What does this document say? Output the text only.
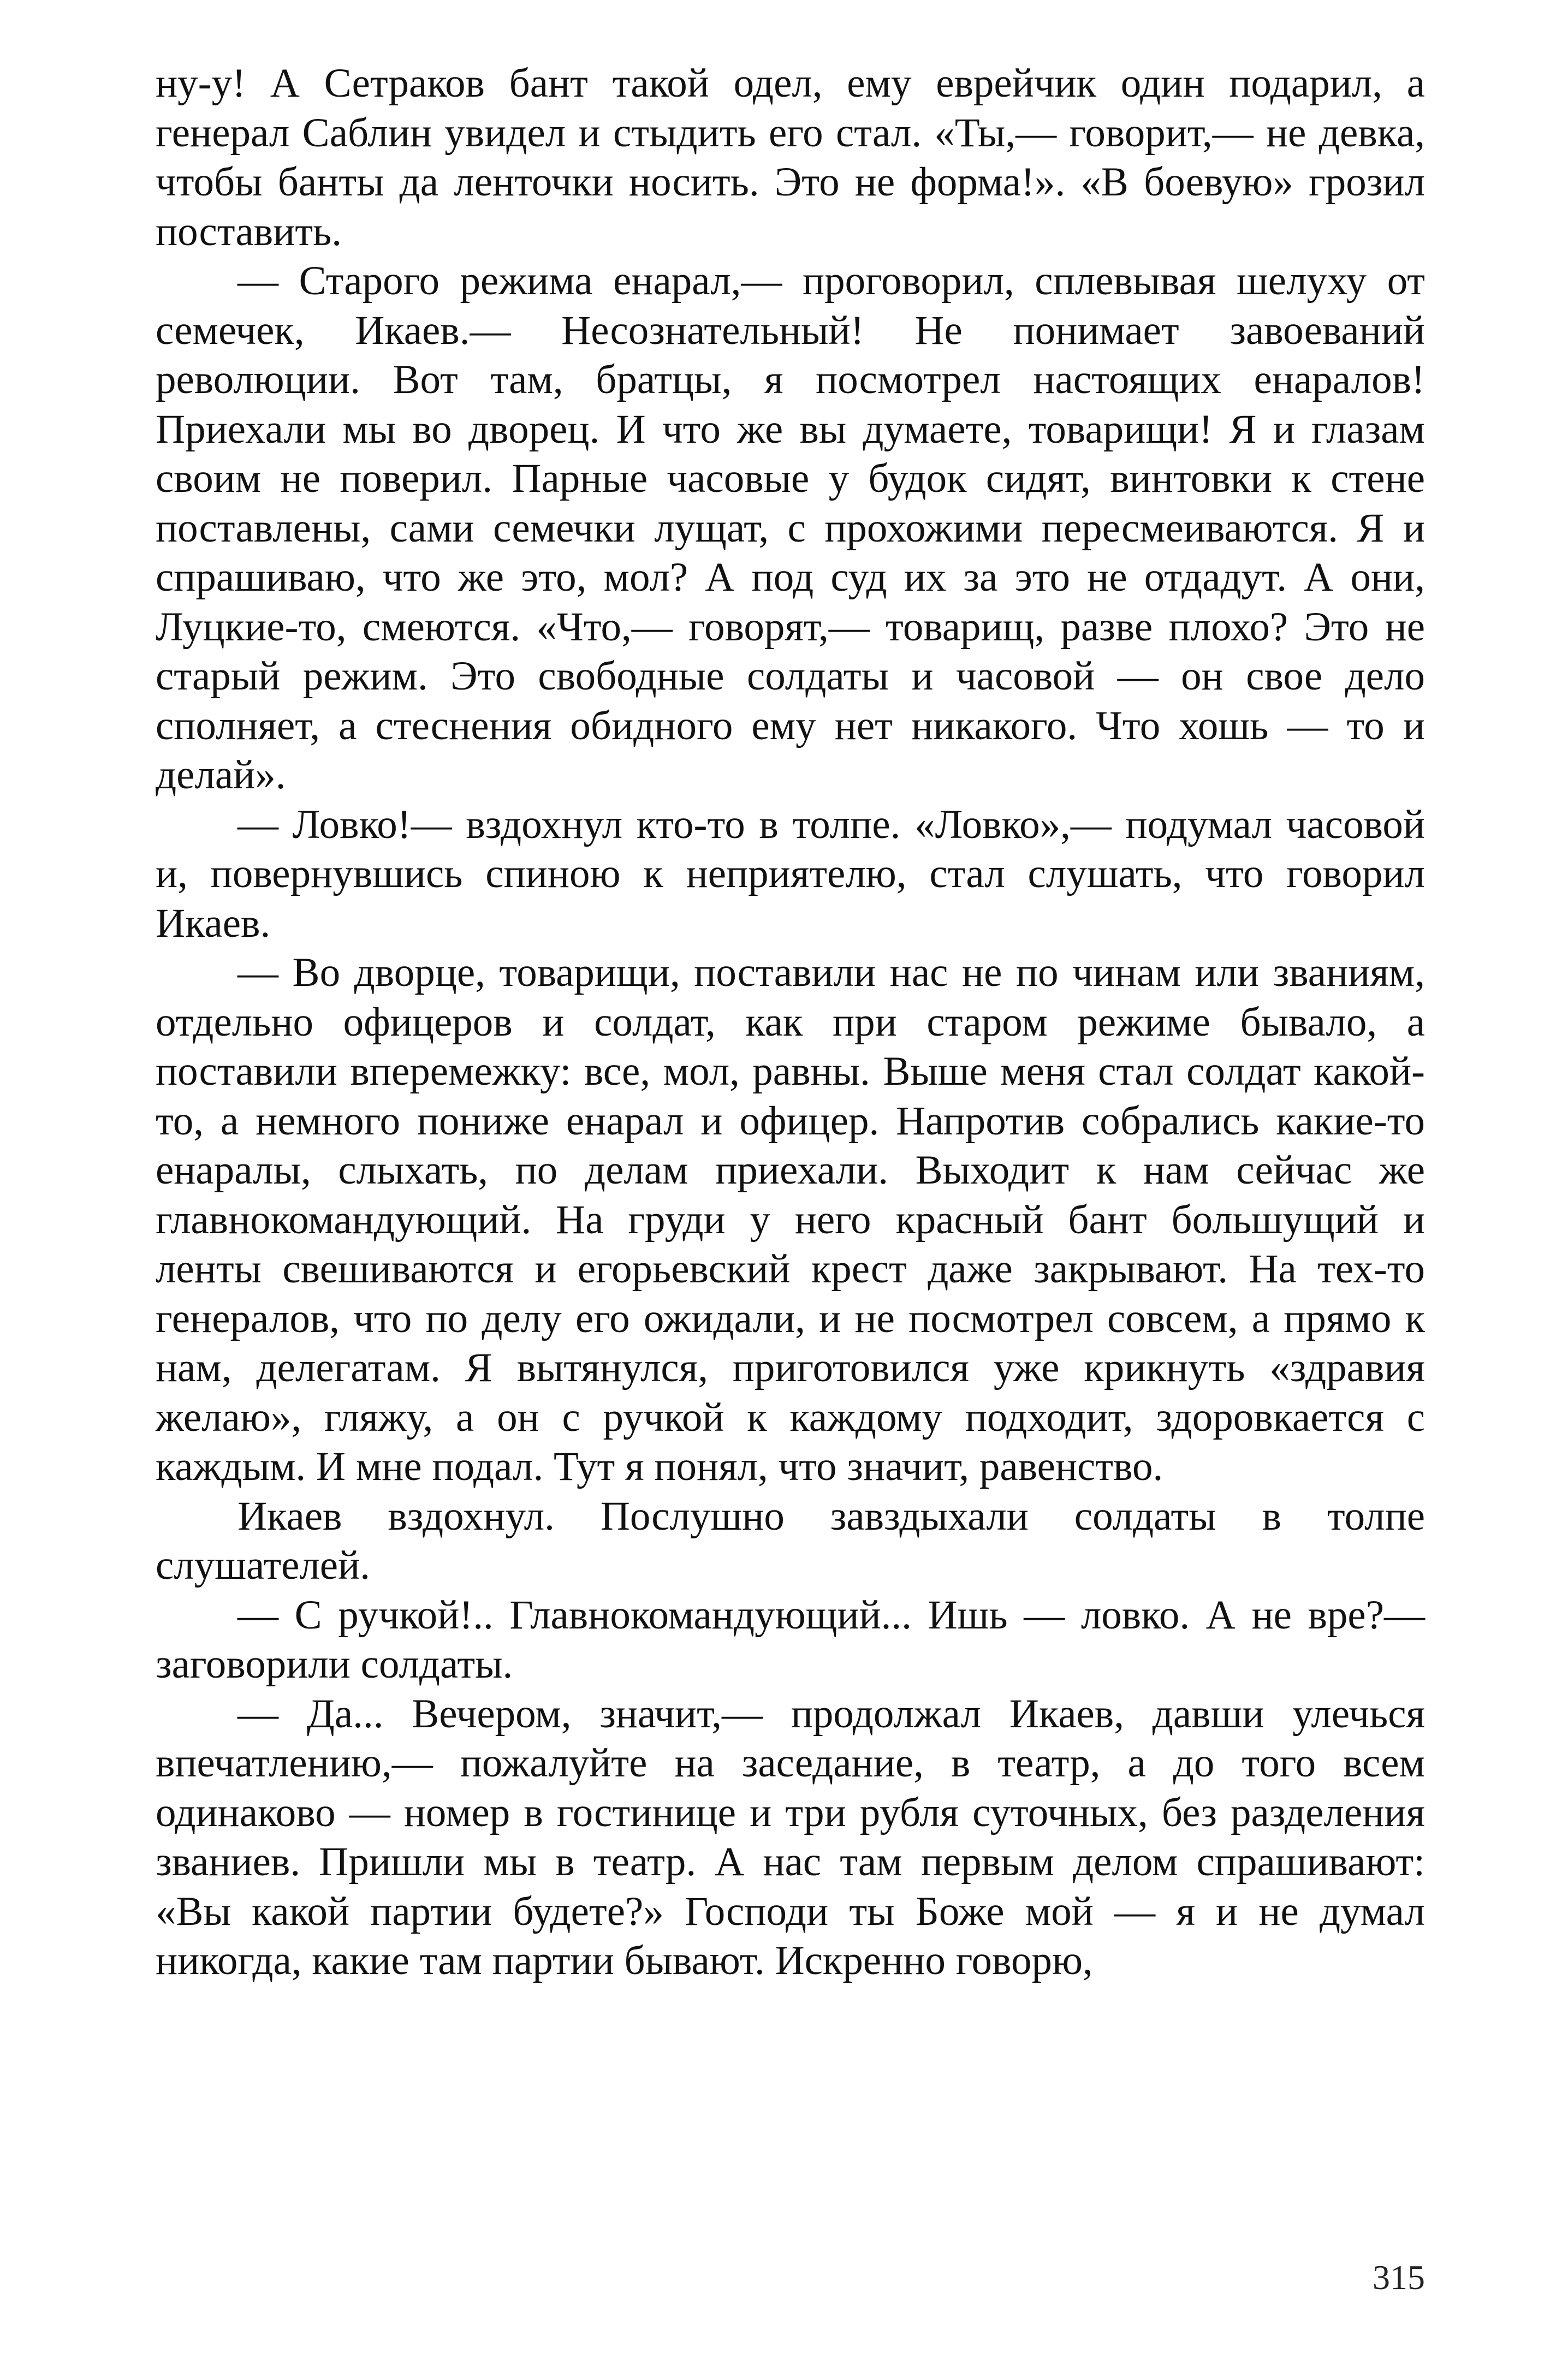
ну-у! А Сетраков бант такой одел, ему еврейчик один подарил, а генерал Саблин увидел и стыдить его стал. «Ты,— говорит,— не девка, чтобы банты да ленточки носить. Это не форма!». «В боевую» грозил поставить.

— Старого режима енарал,— проговорил, сплевывая шелуху от семечек, Икаев.— Несознательный! Не понимает завоеваний революции. Вот там, братцы, я посмотрел настоящих енаралов! Приехали мы во дворец. И что же вы думаете, товарищи! Я и глазам своим не поверил. Парные часовые у будок сидят, винтовки к стене поставлены, сами семечки лущат, с прохожими пересмеиваются. Я и спрашиваю, что же это, мол? А под суд их за это не отдадут. А они, Луцкие-то, смеются. «Что,— говорят,— товарищ, разве плохо? Это не старый режим. Это свободные солдаты и часовой — он свое дело сполняет, а стеснения обидного ему нет никакого. Что хошь — то и делай».

— Ловко!— вздохнул кто-то в толпе. «Ловко»,— подумал часовой и, повернувшись спиною к неприятелю, стал слушать, что говорил Икаев.

— Во дворце, товарищи, поставили нас не по чинам или званиям, отдельно офицеров и солдат, как при старом режиме бывало, а поставили вперемежку: все, мол, равны. Выше меня стал солдат какой-то, а немного пониже енарал и офицер. Напротив собрались какие-то енаралы, слыхать, по делам приехали. Выходит к нам сейчас же главнокомандующий. На груди у него красный бант большущий и ленты свешиваются и егорьевский крест даже закрывают. На тех-то генералов, что по делу его ожидали, и не посмотрел совсем, а прямо к нам, делегатам. Я вытянулся, приготовился уже крикнуть «здравия желаю», гляжу, а он с ручкой к каждому подходит, здоровкается с каждым. И мне подал. Тут я понял, что значит, равенство.

Икаев вздохнул. Послушно завздыхали солдаты в толпе слушателей.

— С ручкой!.. Главнокомандующий... Ишь — ловко. А не вре?— заговорили солдаты.

— Да... Вечером, значит,— продолжал Икаев, давши улечься впечатлению,— пожалуйте на заседание, в театр, а до того всем одинаково — номер в гостинице и три рубля суточных, без разделения званиев. Пришли мы в театр. А нас там первым делом спрашивают: «Вы какой партии будете?» Господи ты Боже мой — я и не думал никогда, какие там партии бывают. Искренно говорю,

315
